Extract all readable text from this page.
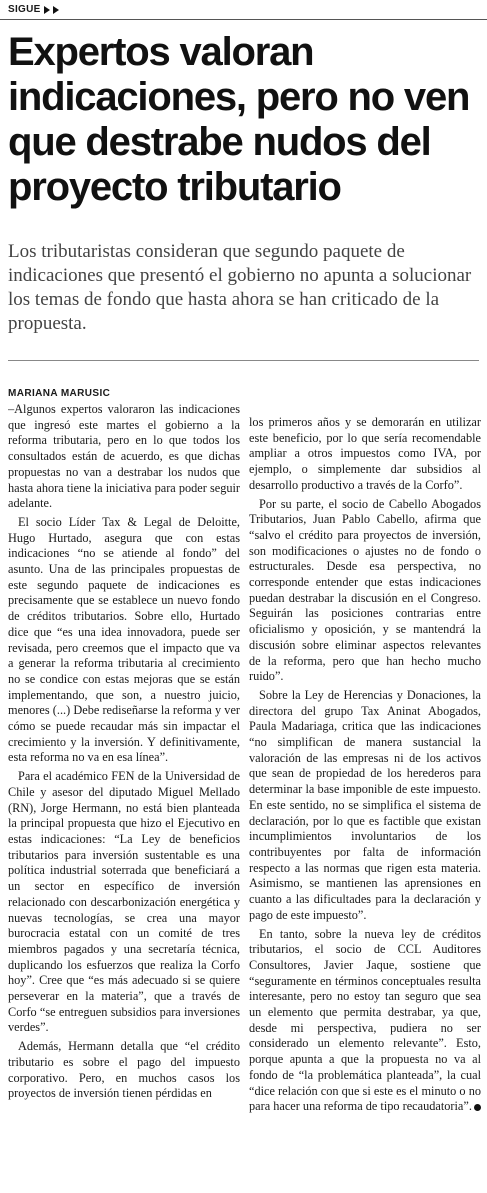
SIGUE
Expertos valoran indicaciones, pero no ven que destrabe nudos del proyecto tributario

Los tributaristas consideran que segundo paquete de indicaciones que presentó el gobierno no apunta a solucionar los temas de fondo que hasta ahora se han criticado de la propuesta.

MARIANA MARUSIC

–Algunos expertos valoraron las indicaciones que ingresó este martes el gobierno a la reforma tributaria, pero en lo que todos los consultados están de acuerdo, es que dichas propuestas no van a destrabar los nudos que hasta ahora tiene la iniciativa para poder seguir adelante.

El socio Líder Tax & Legal de Deloitte, Hugo Hurtado, asegura que con estas indicaciones “no se atiende al fondo” del asunto. Una de las principales propuestas de este segundo paquete de indicaciones es precisamente que se establece un nuevo fondo de créditos tributarios. Sobre ello, Hurtado dice que “es una idea innovadora, puede ser revisada, pero creemos que el impacto que va a generar la reforma tributaria al crecimiento no se condice con estas mejoras que se están implementando, que son, a nuestro juicio, menores (...) Debe rediseñarse la reforma y ver cómo se puede recaudar más sin impactar el crecimiento y la inversión. Y definitivamente, esta reforma no va en esa línea”.

Para el académico FEN de la Universidad de Chile y asesor del diputado Miguel Mellado (RN), Jorge Hermann, no está bien planteada la principal propuesta que hizo el Ejecutivo en estas indicaciones: “La Ley de beneficios tributarios para inversión sustentable es una política industrial soterrada que beneficiará a un sector en específico de inversión relacionado con descarbonización energética y nuevas tecnologías, se crea una mayor burocracia estatal con un comité de tres miembros pagados y una secretaría técnica, duplicando los esfuerzos que realiza la Corfo hoy”. Cree que “es más adecuado si se quiere perseverar en la materia”, que a través de Corfo “se entreguen subsidios para inversiones verdes”.

Además, Hermann detalla que “el crédito tributario es sobre el pago del impuesto corporativo. Pero, en muchos casos los proyectos de inversión tienen pérdidas en

los primeros años y se demorarán en utilizar este beneficio, por lo que sería recomendable ampliar a otros impuestos como IVA, por ejemplo, o simplemente dar subsidios al desarrollo productivo a través de la Corfo”.

Por su parte, el socio de Cabello Abogados Tributarios, Juan Pablo Cabello, afirma que “salvo el crédito para proyectos de inversión, son modificaciones o ajustes no de fondo o estructurales. Desde esa perspectiva, no corresponde entender que estas indicaciones puedan destrabar la discusión en el Congreso. Seguirán las posiciones contrarias entre oficialismo y oposición, y se mantendrá la discusión sobre eliminar aspectos relevantes de la reforma, pero que han hecho mucho ruido”.

Sobre la Ley de Herencias y Donaciones, la directora del grupo Tax Aninat Abogados, Paula Madariaga, critica que las indicaciones “no simplifican de manera sustancial la valoración de las empresas ni de los activos que sean de propiedad de los herederos para determinar la base imponible de este impuesto. En este sentido, no se simplifica el sistema de declaración, por lo que es factible que existan incumplimientos involuntarios de los contribuyentes por falta de información respecto a las normas que rigen esta materia. Asimismo, se mantienen las aprensiones en cuanto a las dificultades para la declaración y pago de este impuesto”.

En tanto, sobre la nueva ley de créditos tributarios, el socio de CCL Auditores Consultores, Javier Jaque, sostiene que “seguramente en términos conceptuales resulta interesante, pero no estoy tan seguro que sea un elemento que permita destrabar, ya que, desde mi perspectiva, pudiera no ser considerado un elemento relevante”. Esto, porque apunta a que la propuesta no va al fondo de “la problemática planteada”, la cual “dice relación con que si este es el minuto o no para hacer una reforma de tipo recaudatoria”.
